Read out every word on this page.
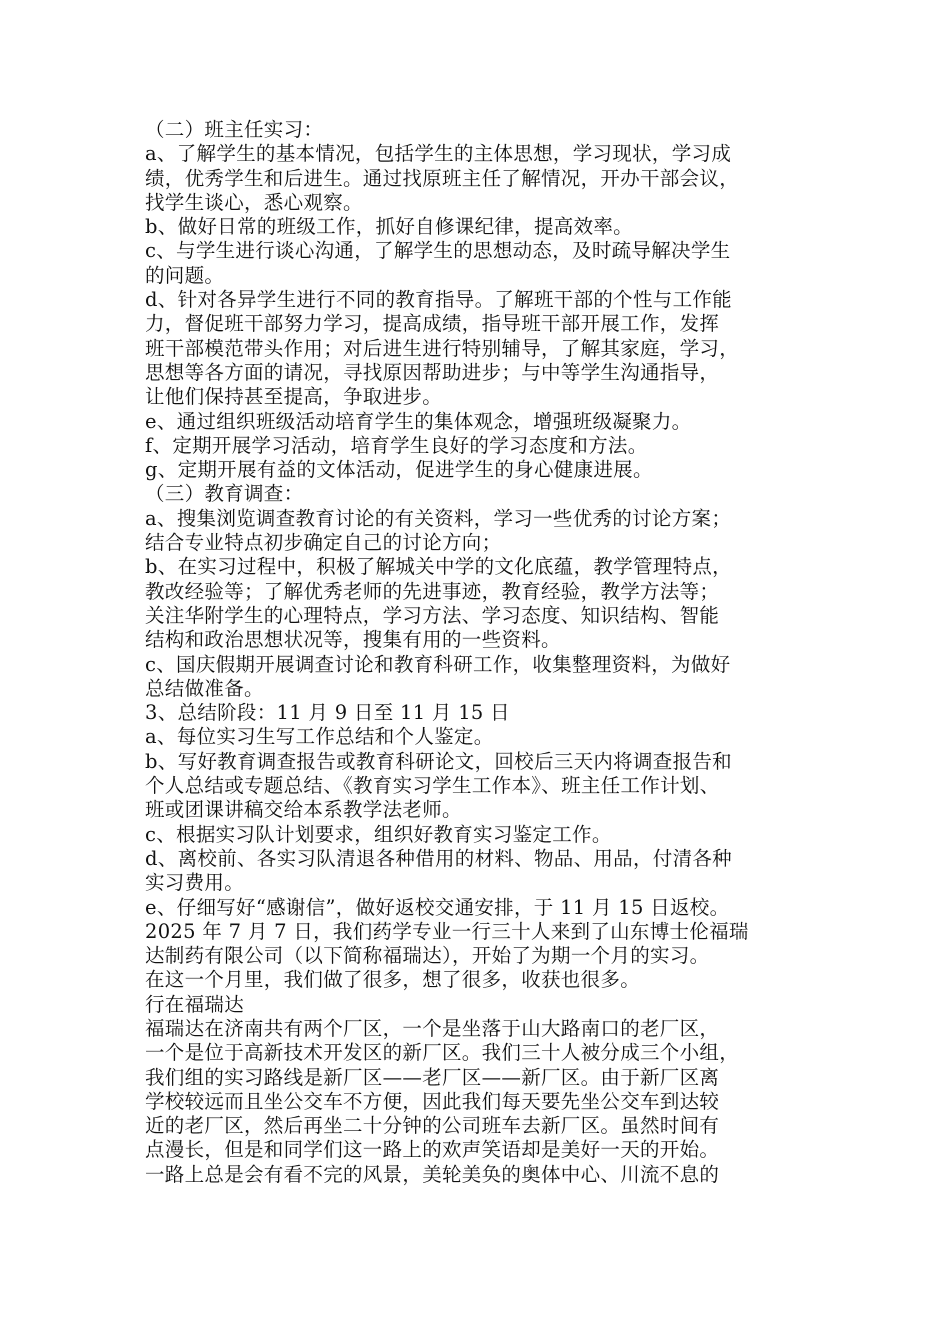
（二）班主任实习：
a、了解学生的基本情况，包括学生的主体思想，学习现状，学习成
绩，优秀学生和后进生。通过找原班主任了解情况，开办干部会议，
找学生谈心，悉心观察。
b、做好日常的班级工作，抓好自修课纪律，提高效率。
c、与学生进行谈心沟通，了解学生的思想动态，及时疏导解决学生
的问题。
d、针对各异学生进行不同的教育指导。了解班干部的个性与工作能
力，督促班干部努力学习，提高成绩，指导班干部开展工作，发挥
班干部模范带头作用；对后进生进行特别辅导，了解其家庭，学习，
思想等各方面的请况，寻找原因帮助进步；与中等学生沟通指导，
让他们保持甚至提高，争取进步。
e、通过组织班级活动培育学生的集体观念，增强班级凝聚力。
f、定期开展学习活动，培育学生良好的学习态度和方法。
g、定期开展有益的文体活动，促进学生的身心健康进展。
（三）教育调查：
a、搜集浏览调查教育讨论的有关资料，学习一些优秀的讨论方案；
结合专业特点初步确定自己的讨论方向；
b、在实习过程中，积极了解城关中学的文化底蕴，教学管理特点，
教改经验等；了解优秀老师的先进事迹，教育经验，教学方法等；
关注华附学生的心理特点，学习方法、学习态度、知识结构、智能
结构和政治思想状况等，搜集有用的一些资料。
c、国庆假期开展调查讨论和教育科研工作，收集整理资料，为做好
总结做准备。
3、总结阶段：11 月 9 日至 11 月 15 日
a、每位实习生写工作总结和个人鉴定。
b、写好教育调查报告或教育科研论文，回校后三天内将调查报告和
个人总结或专题总结、《教育实习学生工作本》、班主任工作计划、
班或团课讲稿交给本系教学法老师。
c、根据实习队计划要求，组织好教育实习鉴定工作。
d、离校前、各实习队清退各种借用的材料、物品、用品，付清各种
实习费用。
e、仔细写好“感谢信”，做好返校交通安排，于 11 月 15 日返校。
2025 年 7 月 7 日，我们药学专业一行三十人来到了山东博士伦福瑞
达制药有限公司（以下简称福瑞达），开始了为期一个月的实习。
在这一个月里，我们做了很多，想了很多，收获也很多。
行在福瑞达
福瑞达在济南共有两个厂区，一个是坐落于山大路南口的老厂区，
一个是位于高新技术开发区的新厂区。我们三十人被分成三个小组，
我们组的实习路线是新厂区——老厂区——新厂区。由于新厂区离
学校较远而且坐公交车不方便，因此我们每天要先坐公交车到达较
近的老厂区，然后再坐二十分钟的公司班车去新厂区。虽然时间有
点漫长，但是和同学们这一路上的欢声笑语却是美好一天的开始。
一路上总是会有看不完的风景，美轮美奂的奥体中心、川流不息的
